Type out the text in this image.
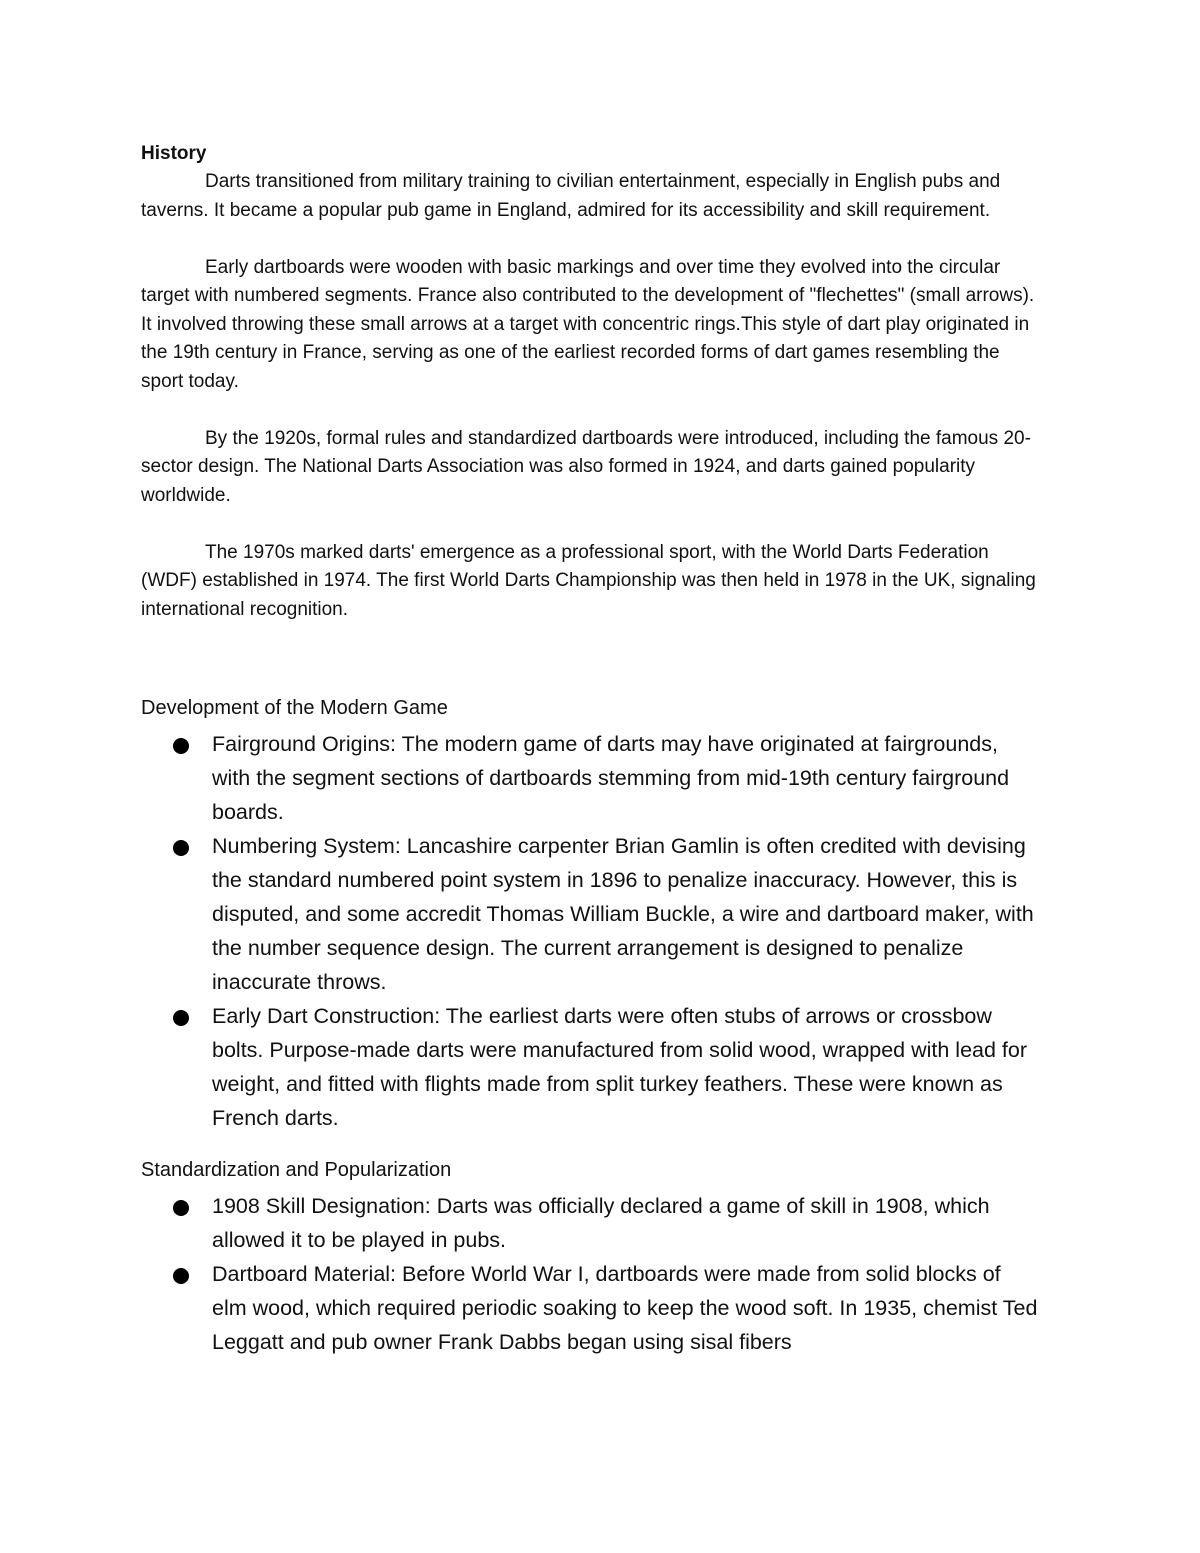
History

Darts transitioned from military training to civilian entertainment, especially in English pubs and taverns. It became a popular pub game in England, admired for its accessibility and skill requirement.

Early dartboards were wooden with basic markings and over time they evolved into the circular target with numbered segments. France also contributed to the development of "flechettes" (small arrows). It involved throwing these small arrows at a target with concentric rings.This style of dart play originated in the 19th century in France, serving as one of the earliest recorded forms of dart games resembling the sport today.

By the 1920s, formal rules and standardized dartboards were introduced, including the famous 20-sector design. The National Darts Association was also formed in 1924, and darts gained popularity worldwide.

The 1970s marked darts' emergence as a professional sport, with the World Darts Federation (WDF) established in 1974. The first World Darts Championship was then held in 1978 in the UK, signaling international recognition.

Development of the Modern Game

Fairground Origins: The modern game of darts may have originated at fairgrounds, with the segment sections of dartboards stemming from mid-19th century fairground boards.
Numbering System: Lancashire carpenter Brian Gamlin is often credited with devising the standard numbered point system in 1896 to penalize inaccuracy. However, this is disputed, and some accredit Thomas William Buckle, a wire and dartboard maker, with the number sequence design. The current arrangement is designed to penalize inaccurate throws.
Early Dart Construction: The earliest darts were often stubs of arrows or crossbow bolts. Purpose-made darts were manufactured from solid wood, wrapped with lead for weight, and fitted with flights made from split turkey feathers. These were known as French darts.

Standardization and Popularization

1908 Skill Designation: Darts was officially declared a game of skill in 1908, which allowed it to be played in pubs.
Dartboard Material: Before World War I, dartboards were made from solid blocks of elm wood, which required periodic soaking to keep the wood soft. In 1935, chemist Ted Leggatt and pub owner Frank Dabbs began using sisal fibers
